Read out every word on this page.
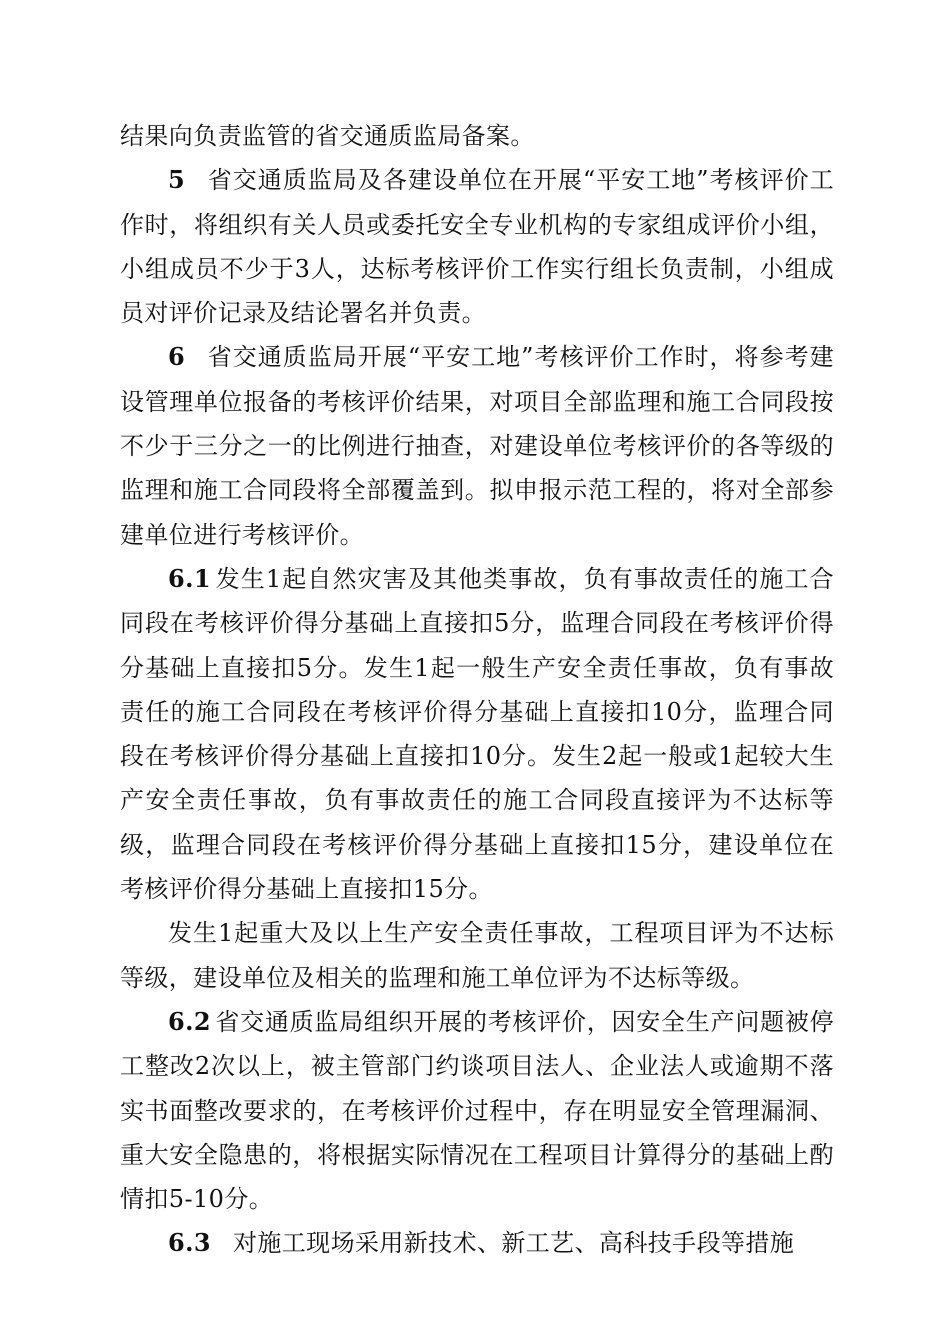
结果向负责监管的省交通质监局备案。

5 省交通质监局及各建设单位在开展“平安工地”考核评价工作时，将组织有关人员或委托安全专业机构的专家组成评价小组，小组成员不少于3人，达标考核评价工作实行组长负责制，小组成员对评价记录及结论署名并负责。

6 省交通质监局开展“平安工地”考核评价工作时，将参考建设管理单位报备的考核评价结果，对项目全部监理和施工合同段按不少于三分之一的比例进行抽查，对建设单位考核评价的各等级的监理和施工合同段将全部覆盖到。拟申报示范工程的，将对全部参建单位进行考核评价。

6.1 发生1起自然灾害及其他类事故，负有事故责任的施工合同段在考核评价得分基础上直接扣5分，监理合同段在考核评价得分基础上直接扣5分。发生1起一般生产安全责任事故，负有事故责任的施工合同段在考核评价得分基础上直接扣10分，监理合同段在考核评价得分基础上直接扣10分。发生2起一般或1起较大生产安全责任事故，负有事故责任的施工合同段直接评为不达标等级，监理合同段在考核评价得分基础上直接扣15分，建设单位在考核评价得分基础上直接扣15分。

发生1起重大及以上生产安全责任事故，工程项目评为不达标等级，建设单位及相关的监理和施工单位评为不达标等级。

6.2 省交通质监局组织开展的考核评价，因安全生产问题被停工整改2次以上，被主管部门约谈项目法人、企业法人或逾期不落实书面整改要求的，在考核评价过程中，存在明显安全管理漏洞、重大安全隐患的，将根据实际情况在工程项目计算得分的基础上酌情扣5-10分。

6.3 对施工现场采用新技术、新工艺、高科技手段等措施
